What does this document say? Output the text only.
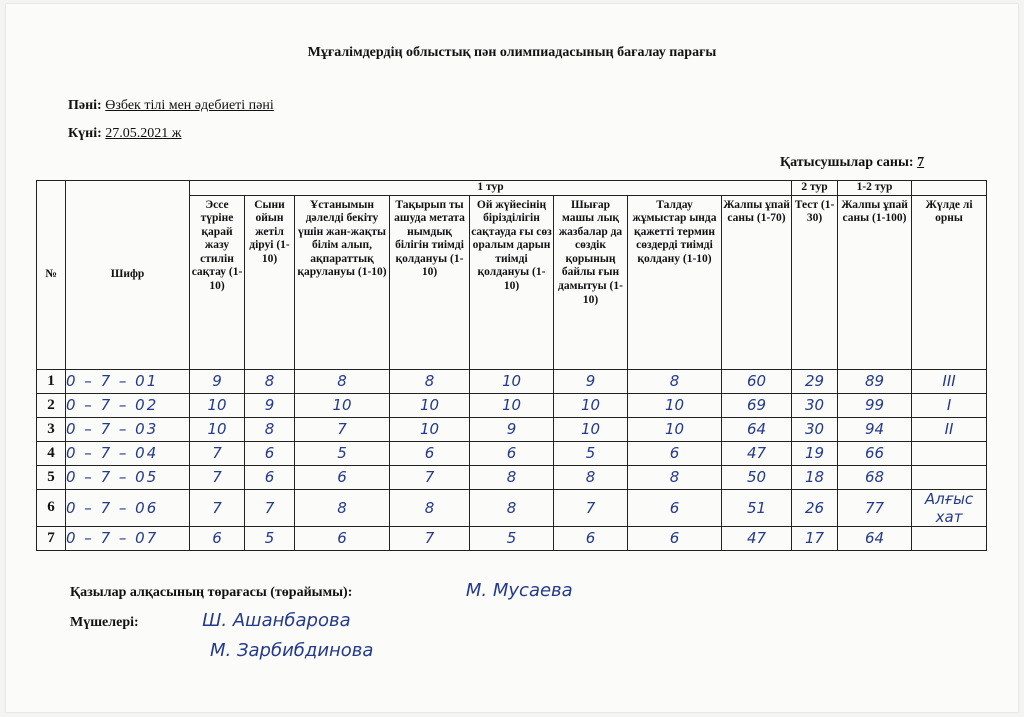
Мұғалімдердің облыстық пән олимпиадасының бағалау парағы
Пәні: Өзбек тілі мен әдебиеті пәні
Күні: 27.05.2021 ж
Қатысушылар саны: 7
№	Шифр	1 тур								2 тур	1-2 тур	
		Эссе түріне қарай жазу стилін сақтау (1-10)	Сыни ойын жетіл діруі (1-10)	Ұстанымын дәлелді бекіту үшін жан-жақты білім алып, ақпараттық қарулануы (1-10)	Тақырып ты ашуда метата нымдық білігін тиімді қолдануы (1-10)	Ой жүйесінің біріздiлігін сақтауда ғы сөз оралым дарын тиімді қолдануы (1-10)	Шығар машы лық жазбалар да сөздік қорының байлы ғын дамытуы (1-10)	Талдау жұмыстар ында қажетті термин сөздерді тиімді қолдану (1-10)	Жалпы ұпай саны (1-70)	Тест (1-30)	Жалпы ұпай саны (1-100)	Жүлде лі орны
1	0 – 7 – 01	9	8	8	8	10	9	8	60	29	89	III
2	0 – 7 – 02	10	9	10	10	10	10	10	69	30	99	I
3	0 – 7 – 03	10	8	7	10	9	10	10	64	30	94	II
4	0 – 7 – 04	7	6	5	6	6	5	6	47	19	66	
5	0 – 7 – 05	7	6	6	7	8	8	8	50	18	68	
6	0 – 7 – 06	7	7	8	8	8	7	6	51	26	77	Алғыс хат
7	0 – 7 – 07	6	5	6	7	5	6	6	47	17	64	
Қазылар алқасының төрағасы (төрайымы):	М. Мусаева
Мүшелері:	Ш. Ашанбарова
М. Зарбибдинова
